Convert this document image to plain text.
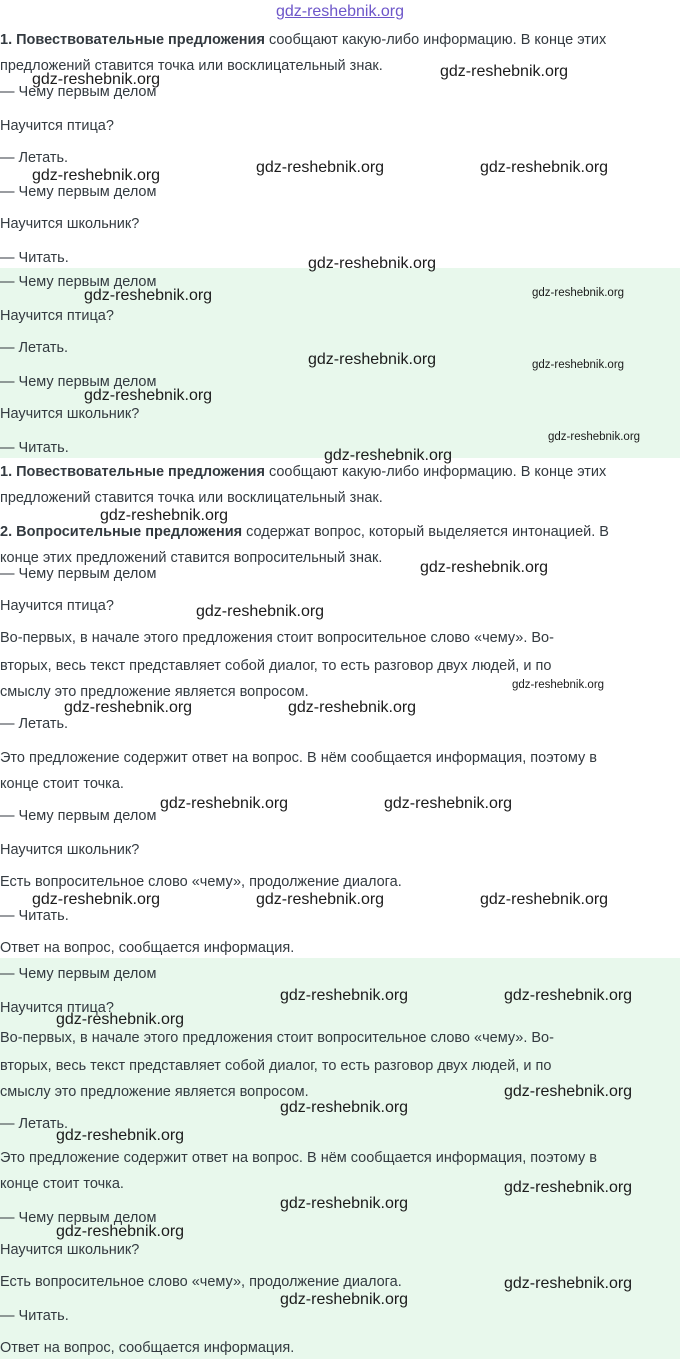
gdz-reshebnik.org
1. Повествовательные предложения сообщают какую-либо информацию. В конце этих
предложений ставится точка или восклицательный знак.
— Чему первым делом
Научится птица?
— Летать.
— Чему первым делом
Научится школьник?
— Читать.
— Чему первым делом
Научится птица?
— Летать.
— Чему первым делом
Научится школьник?
— Читать.
1. Повествовательные предложения сообщают какую-либо информацию. В конце этих
предложений ставится точка или восклицательный знак.
2. Вопросительные предложения содержат вопрос, который выделяется интонацией. В
конце этих предложений ставится вопросительный знак.
— Чему первым делом
Научится птица?
Во-первых, в начале этого предложения стоит вопросительное слово «чему». Во-
вторых, весь текст представляет собой диалог, то есть разговор двух людей, и по
смыслу это предложение является вопросом.
— Летать.
Это предложение содержит ответ на вопрос. В нём сообщается информация, поэтому в
конце стоит точка.
— Чему первым делом
Научится школьник?
Есть вопросительное слово «чему», продолжение диалога.
— Читать.
Ответ на вопрос, сообщается информация.
— Чему первым делом
Научится птица?
Во-первых, в начале этого предложения стоит вопросительное слово «чему». Во-
вторых, весь текст представляет собой диалог, то есть разговор двух людей, и по
смыслу это предложение является вопросом.
— Летать.
Это предложение содержит ответ на вопрос. В нём сообщается информация, поэтому в
конце стоит точка.
— Чему первым делом
Научится школьник?
Есть вопросительное слово «чему», продолжение диалога.
— Читать.
Ответ на вопрос, сообщается информация.
gdz-reshebnik.org
gdz-reshebnik.org
gdz-reshebnik.org	gdz-reshebnik.org
gdz-reshebnik.org
gdz-reshebnik.org
gdz-reshebnik.org	gdz-reshebnik.org
gdz-reshebnik.org	gdz-reshebnik.org
gdz-reshebnik.org
gdz-reshebnik.org
gdz-reshebnik.org
gdz-reshebnik.org
gdz-reshebnik.org
gdz-reshebnik.org
gdz-reshebnik.org
gdz-reshebnik.org	gdz-reshebnik.org
gdz-reshebnik.org	gdz-reshebnik.org
gdz-reshebnik.org	gdz-reshebnik.org	gdz-reshebnik.org
gdz-reshebnik.org	gdz-reshebnik.org
gdz-reshebnik.org
gdz-reshebnik.org
gdz-reshebnik.org
gdz-reshebnik.org
gdz-reshebnik.org
gdz-reshebnik.org
gdz-reshebnik.org
gdz-reshebnik.org
gdz-reshebnik.org
